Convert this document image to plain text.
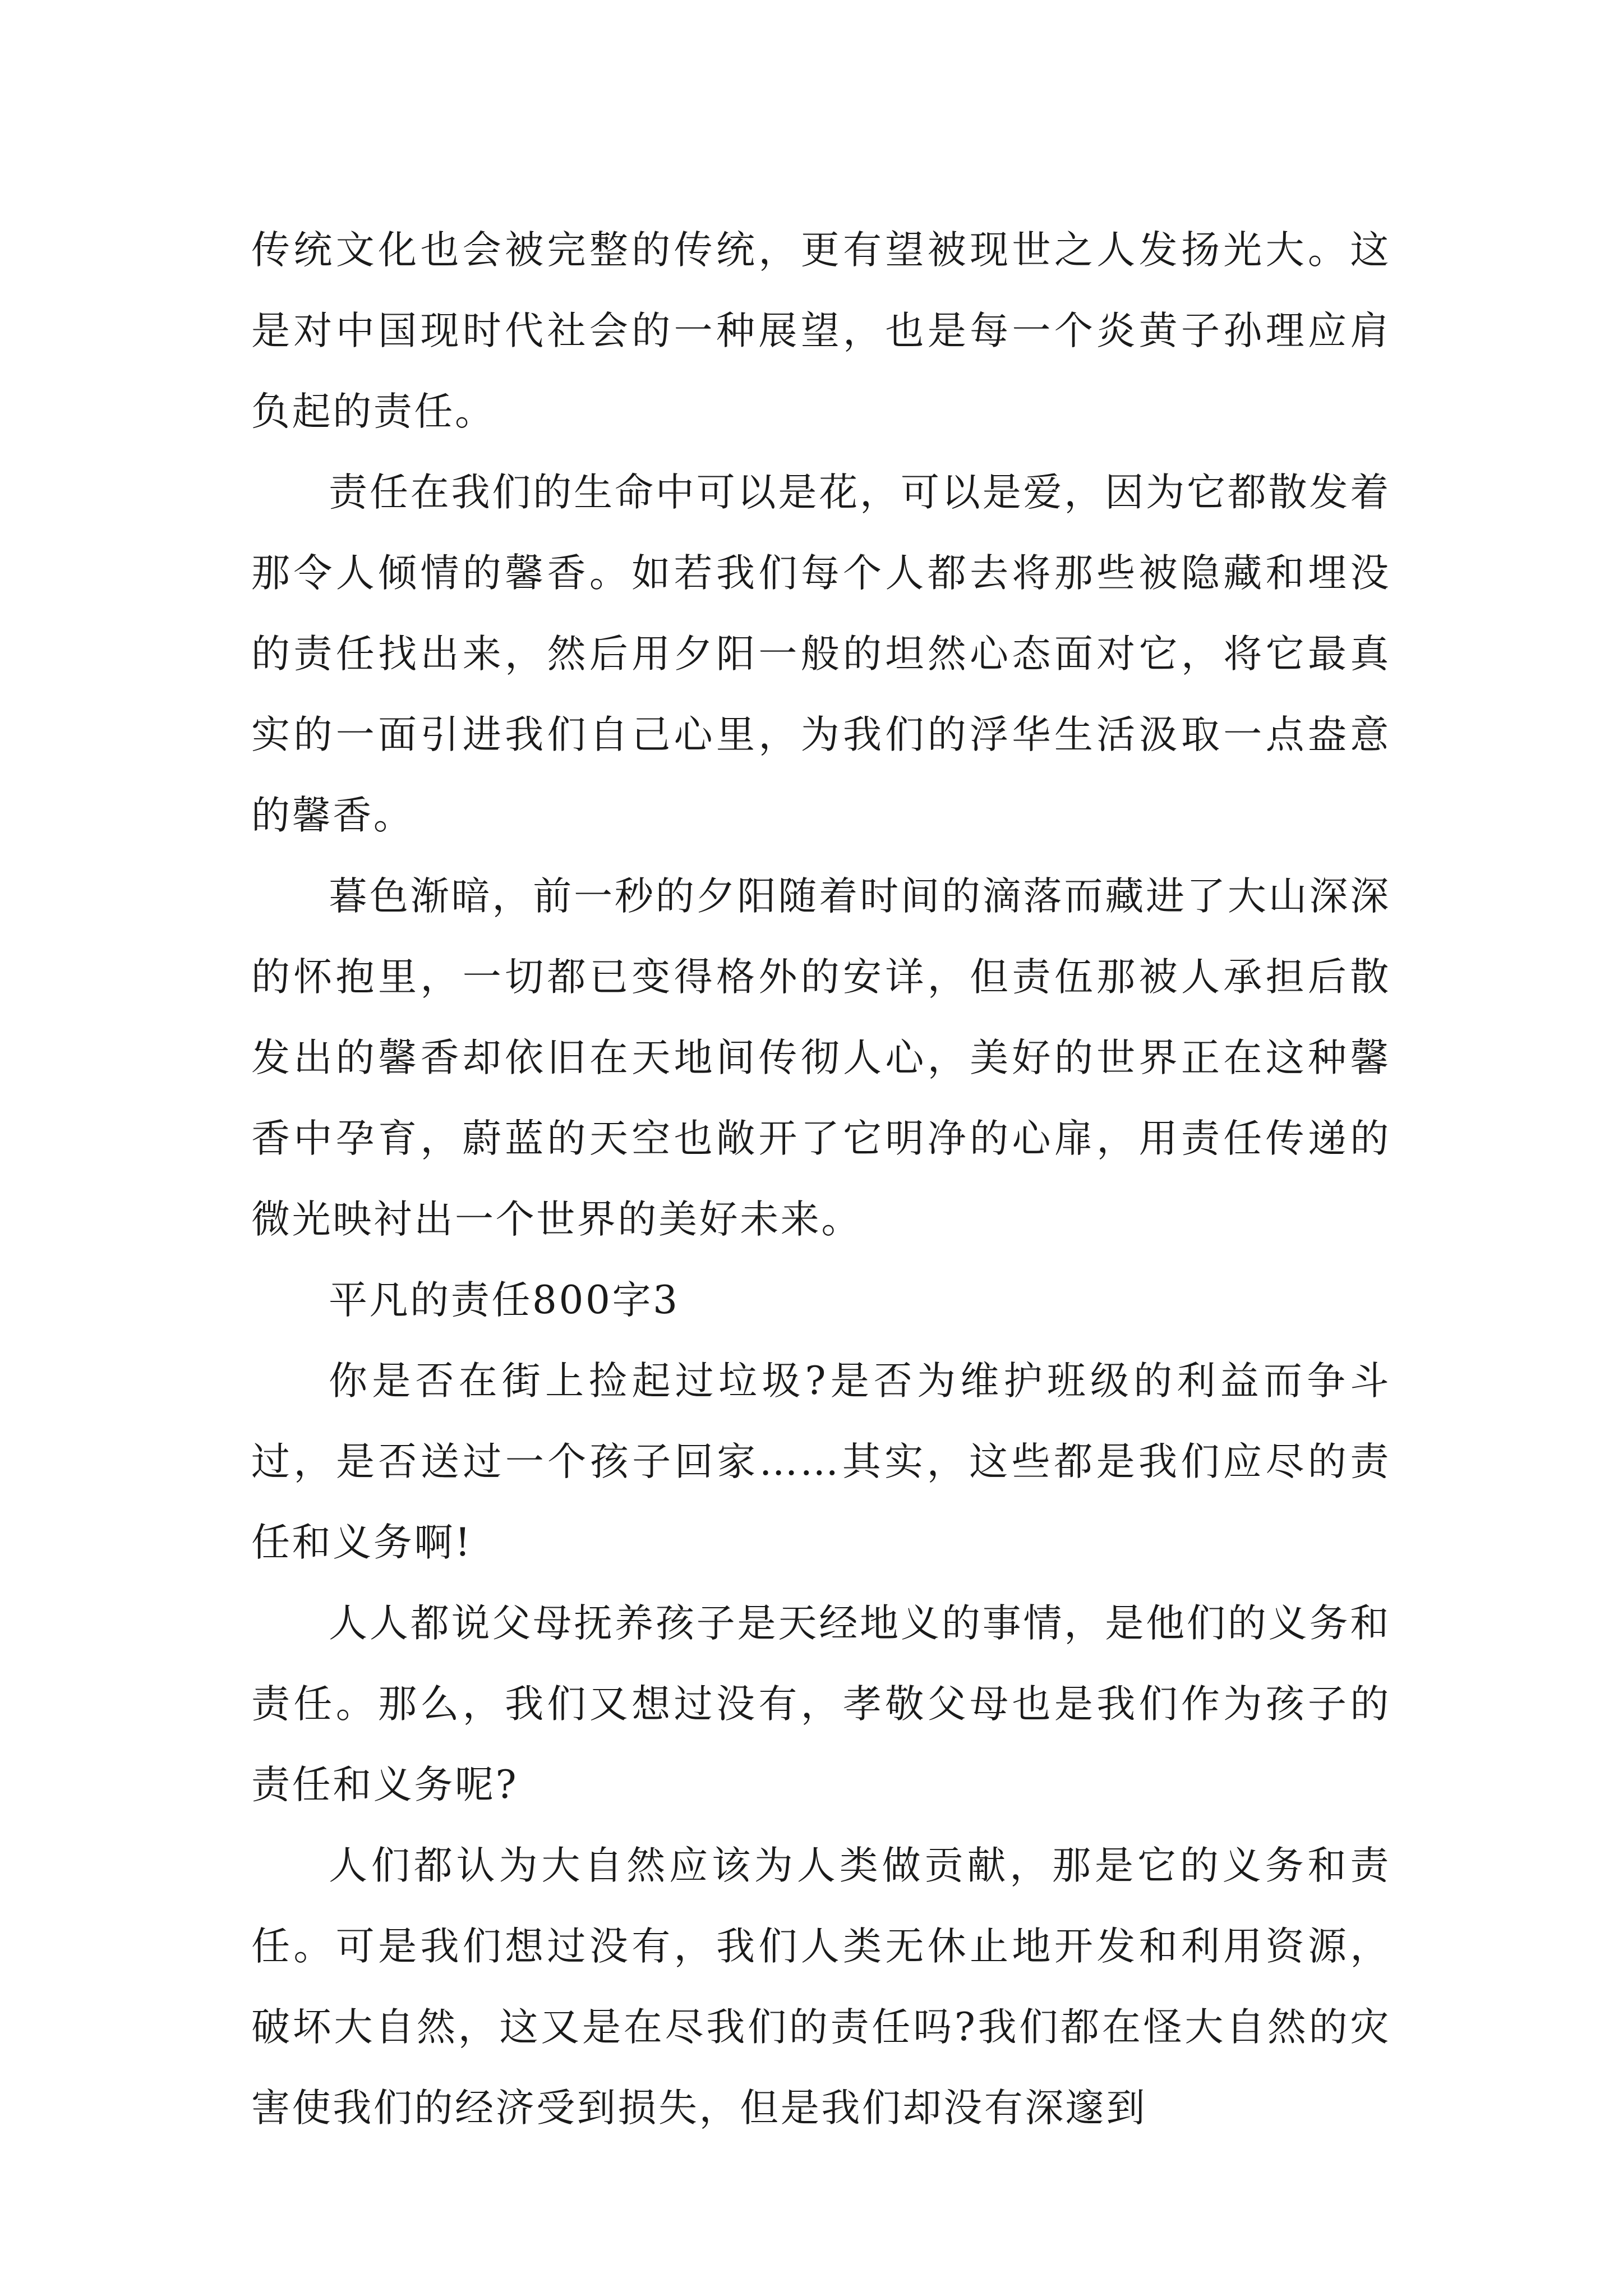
传统文化也会被完整的传统，更有望被现世之人发扬光大。这是对中国现时代社会的一种展望，也是每一个炎黄子孙理应肩负起的责任。

责任在我们的生命中可以是花，可以是爱，因为它都散发着那令人倾情的馨香。如若我们每个人都去将那些被隐藏和埋没的责任找出来，然后用夕阳一般的坦然心态面对它，将它最真实的一面引进我们自己心里，为我们的浮华生活汲取一点盎意的馨香。

暮色渐暗，前一秒的夕阳随着时间的滴落而藏进了大山深深的怀抱里，一切都已变得格外的安详，但责伍那被人承担后散发出的馨香却依旧在天地间传彻人心，美好的世界正在这种馨香中孕育，蔚蓝的天空也敞开了它明净的心扉，用责任传递的微光映衬出一个世界的美好未来。

平凡的责任800字3

你是否在街上捡起过垃圾?是否为维护班级的利益而争斗过，是否送过一个孩子回家……其实，这些都是我们应尽的责任和义务啊!

人人都说父母抚养孩子是天经地义的事情，是他们的义务和责任。那么，我们又想过没有，孝敬父母也是我们作为孩子的责任和义务呢?

人们都认为大自然应该为人类做贡献，那是它的义务和责任。可是我们想过没有，我们人类无休止地开发和利用资源，破坏大自然，这又是在尽我们的责任吗?我们都在怪大自然的灾害使我们的经济受到损失，但是我们却没有深邃到
